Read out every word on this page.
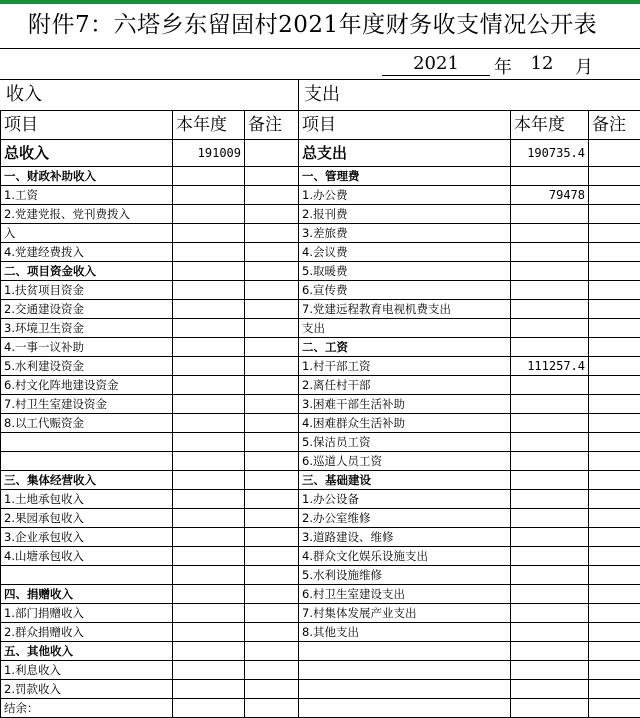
附件7：六塔乡东留固村2021年度财务收支情况公开表
2021	年	12	月
收入	支出
项目	本年度	备注	项目	本年度	备注
总收入	191009		总支出	190735.4	
一、财政补助收入			一、管理费		
1.工资			1.办公费	79478	
2.党建党报、党刊费拨入			2.报刊费		
入			3.差旅费		
4.党建经费拨入			4.会议费		
二、项目资金收入			5.取暖费		
1.扶贫项目资金			6.宣传费		
2.交通建设资金			7.党建远程教育电视机费支出		
3.环境卫生资金			支出		
4.一事一议补助			二、工资		
5.水利建设资金			1.村干部工资	111257.4	
6.村文化阵地建设资金			2.离任村干部		
7.村卫生室建设资金			3.困难干部生活补助		
8.以工代赈资金			4.困难群众生活补助		
			5.保洁员工资		
			6.巡道人员工资		
三、集体经营收入			三、基础建设		
1.土地承包收入			1.办公设备		
2.果园承包收入			2.办公室维修		
3.企业承包收入			3.道路建设、维修		
4.山塘承包收入			4.群众文化娱乐设施支出		
			5.水利设施维修		
四、捐赠收入			6.村卫生室建设支出		
1.部门捐赠收入			7.村集体发展产业支出		
2.群众捐赠收入			8.其他支出		
五、其他收入					
1.利息收入					
2.罚款收入					
结余：					
